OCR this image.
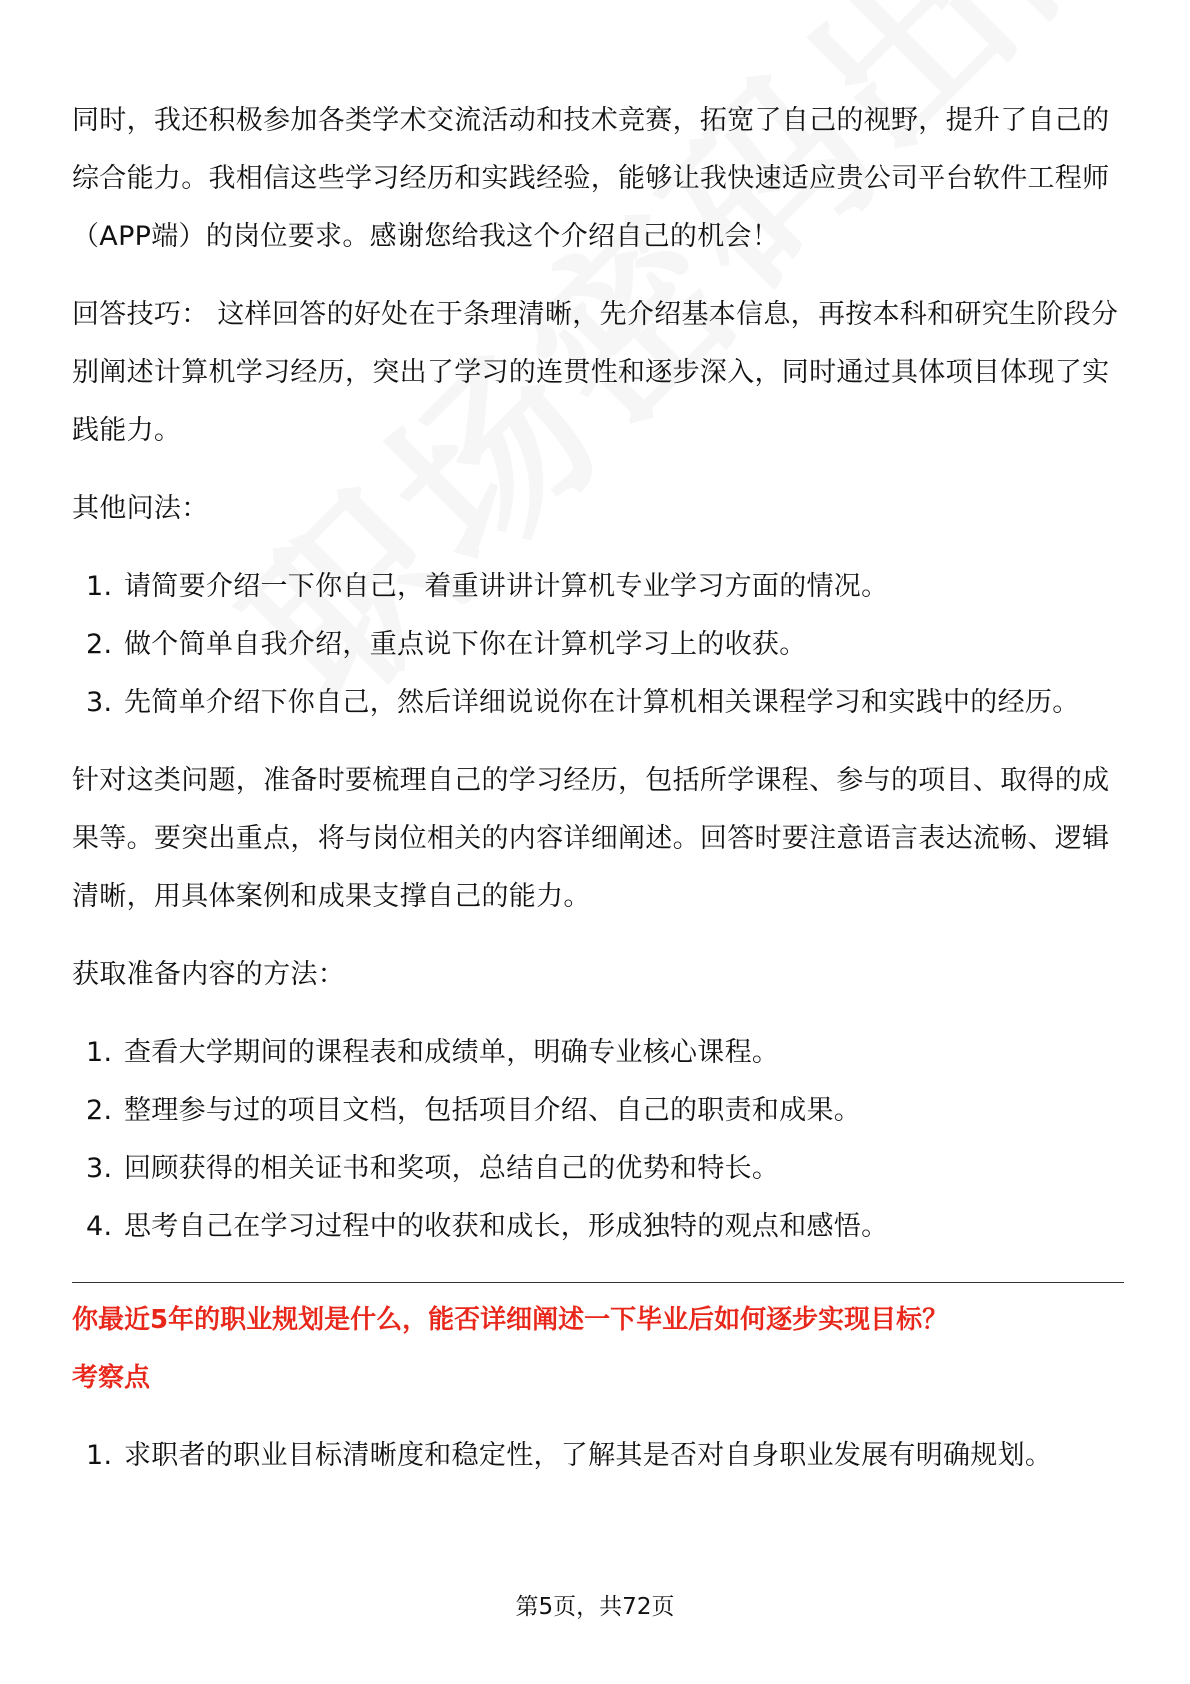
同时，我还积极参加各类学术交流活动和技术竞赛，拓宽了自己的视野，提升了自己的综合能力。我相信这些学习经历和实践经验，能够让我快速适应贵公司平台软件工程师（APP端）的岗位要求。感谢您给我这个介绍自己的机会！

回答技巧： 这样回答的好处在于条理清晰，先介绍基本信息，再按本科和研究生阶段分别阐述计算机学习经历，突出了学习的连贯性和逐步深入，同时通过具体项目体现了实践能力。

其他问法：

1. 请简要介绍一下你自己，着重讲讲计算机专业学习方面的情况。
2. 做个简单自我介绍，重点说下你在计算机学习上的收获。
3. 先简单介绍下你自己，然后详细说说你在计算机相关课程学习和实践中的经历。

针对这类问题，准备时要梳理自己的学习经历，包括所学课程、参与的项目、取得的成果等。要突出重点，将与岗位相关的内容详细阐述。回答时要注意语言表达流畅、逻辑清晰，用具体案例和成果支撑自己的能力。

获取准备内容的方法：

1. 查看大学期间的课程表和成绩单，明确专业核心课程。
2. 整理参与过的项目文档，包括项目介绍、自己的职责和成果。
3. 回顾获得的相关证书和奖项，总结自己的优势和特长。
4. 思考自己在学习过程中的收获和成长，形成独特的观点和感悟。

你最近5年的职业规划是什么，能否详细阐述一下毕业后如何逐步实现目标？

考察点

1. 求职者的职业目标清晰度和稳定性，了解其是否对自身职业发展有明确规划。
第5页，共72页
